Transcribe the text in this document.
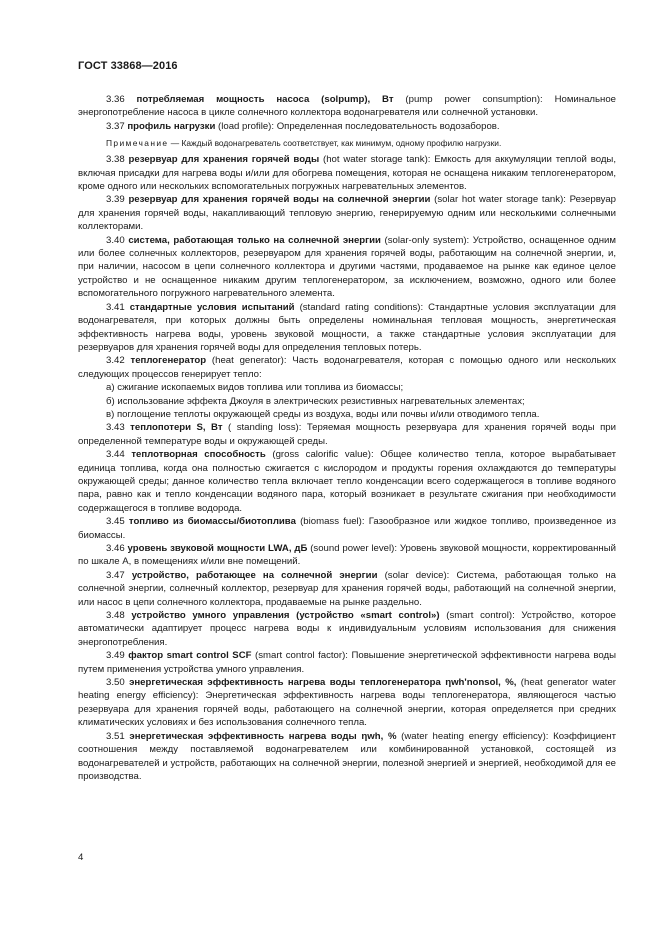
ГОСТ 33868—2016

3.36 потребляемая мощность насоса (solpump), Вт (pump power consumption): Номинальное энергопотребление насоса в цикле солнечного коллектора водонагревателя или солнечной установки.

3.37 профиль нагрузки (load profile): Определенная последовательность водозаборов.

Примечание — Каждый водонагреватель соответствует, как минимум, одному профилю нагрузки.

3.38 резервуар для хранения горячей воды (hot water storage tank): Емкость для аккумуляции теплой воды, включая присадки для нагрева воды и/или для обогрева помещения, которая не оснащена никаким теплогенератором, кроме одного или нескольких вспомогательных погружных нагревательных элементов.

3.39 резервуар для хранения горячей воды на солнечной энергии (solar hot water storage tank): Резервуар для хранения горячей воды, накапливающий тепловую энергию, генерируемую одним или несколькими солнечными коллекторами.

3.40 система, работающая только на солнечной энергии (solar-only system): Устройство, оснащенное одним или более солнечных коллекторов, резервуаром для хранения горячей воды, работающим на солнечной энергии, и, при наличии, насосом в цепи солнечного коллектора и другими частями, продаваемое на рынке как единое целое устройство и не оснащенное никаким другим теплогенератором, за исключением, возможно, одного или более вспомогательного погружного нагревательного элемента.

3.41 стандартные условия испытаний (standard rating conditions): Стандартные условия эксплуатации для водонагревателя, при которых должны быть определены номинальная тепловая мощность, энергетическая эффективность нагрева воды, уровень звуковой мощности, а также стандартные условия эксплуатации для резервуаров для хранения горячей воды для определения тепловых потерь.

3.42 теплогенератор (heat generator): Часть водонагревателя, которая с помощью одного или нескольких следующих процессов генерирует тепло:

а) сжигание ископаемых видов топлива или топлива из биомассы;

б) использование эффекта Джоуля в электрических резистивных нагревательных элементах;

в) поглощение теплоты окружающей среды из воздуха, воды или почвы и/или отводимого тепла.

3.43 теплопотери S, Вт ( standing loss): Теряемая мощность резервуара для хранения горячей воды при определенной температуре воды и окружающей среды.

3.44 теплотворная способность (gross calorific value): Общее количество тепла, которое вырабатывает единица топлива, когда она полностью сжигается с кислородом и продукты горения охлаждаются до температуры окружающей среды; данное количество тепла включает тепло конденсации всего содержащегося в топливе водяного пара, равно как и тепло конденсации водяного пара, который возникает в результате сжигания при необходимости содержащегося в топливе водорода.

3.45 топливо из биомассы/биотоплива (biomass fuel): Газообразное или жидкое топливо, произведенное из биомассы.

3.46 уровень звуковой мощности LWA, дБ (sound power level): Уровень звуковой мощности, корректированный по шкале A, в помещениях и/или вне помещений.

3.47 устройство, работающее на солнечной энергии (solar device): Система, работающая только на солнечной энергии, солнечный коллектор, резервуар для хранения горячей воды, работающий на солнечной энергии, или насос в цепи солнечного коллектора, продаваемые на рынке раздельно.

3.48 устройство умного управления (устройство «smart control») (smart control): Устройство, которое автоматически адаптирует процесс нагрева воды к индивидуальным условиям использования для снижения энергопотребления.

3.49 фактор smart control SCF (smart control factor): Повышение энергетической эффективности нагрева воды путем применения устройства умного управления.

3.50 энергетическая эффективность нагрева воды теплогенератора ηwh'nonsol, %, (heat generator water heating energy efficiency): Энергетическая эффективность нагрева воды теплогенератора, являющегося частью резервуара для хранения горячей воды, работающего на солнечной энергии, которая определяется при средних климатических условиях и без использования солнечного тепла.

3.51 энергетическая эффективность нагрева воды ηwh, % (water heating energy efficiency): Коэффициент соотношения между поставляемой водонагревателем или комбинированной установкой, состоящей из водонагревателей и устройств, работающих на солнечной энергии, полезной энергией и энергией, необходимой для ее производства.

4
